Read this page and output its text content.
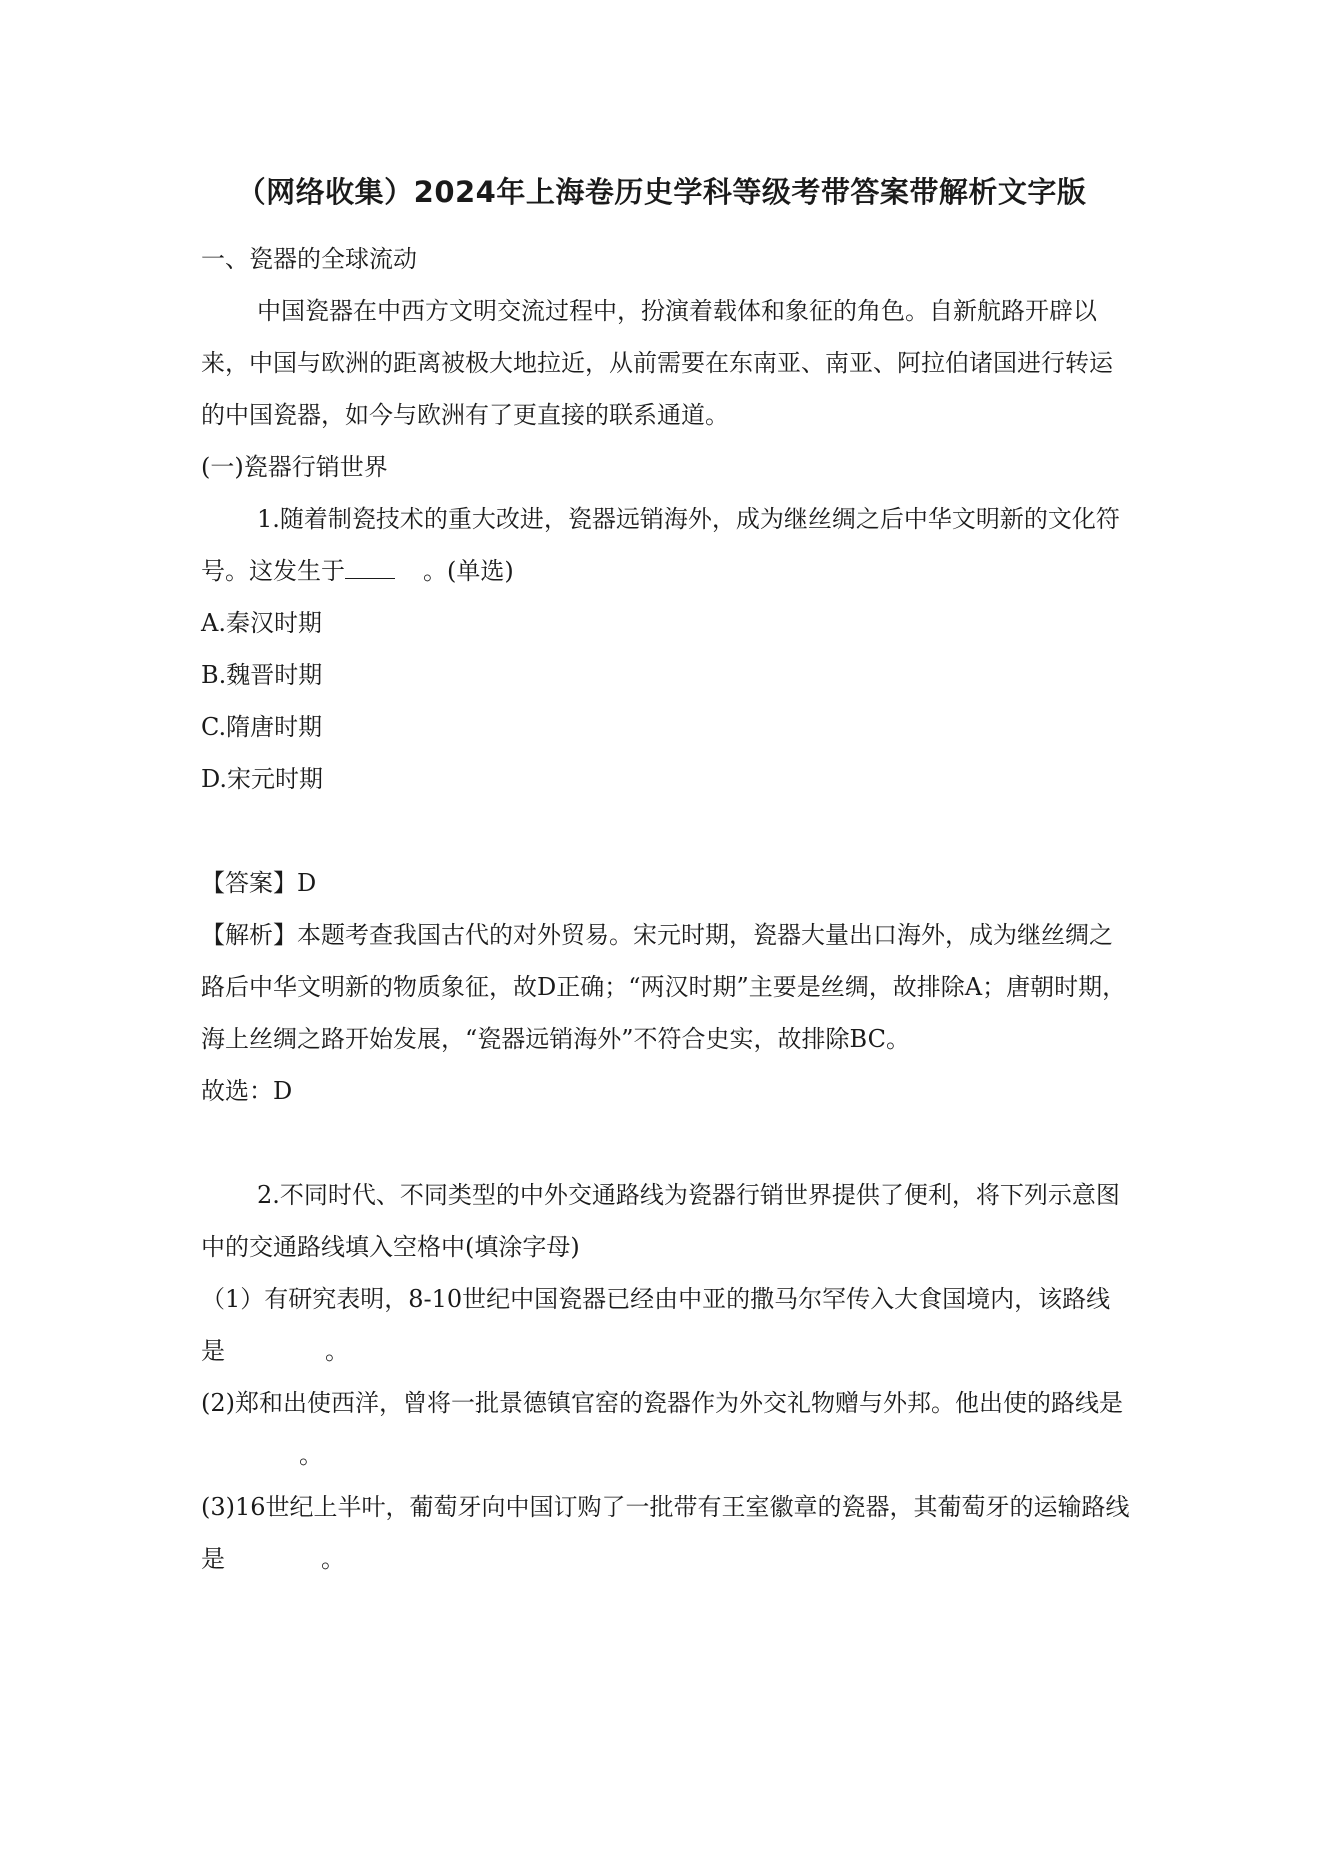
（网络收集）2024年上海卷历史学科等级考带答案带解析文字版

一、瓷器的全球流动

中国瓷器在中西方文明交流过程中，扮演着载体和象征的角色。自新航路开辟以来，中国与欧洲的距离被极大地拉近，从前需要在东南亚、南亚、阿拉伯诸国进行转运的中国瓷器，如今与欧洲有了更直接的联系通道。

(一)瓷器行销世界

1.随着制瓷技术的重大改进，瓷器远销海外，成为继丝绸之后中华文明新的文化符号。这发生于	。(单选)

A.秦汉时期

B.魏晋时期

C.隋唐时期

D.宋元时期

【答案】D

【解析】本题考查我国古代的对外贸易。宋元时期，瓷器大量出口海外，成为继丝绸之路后中华文明新的物质象征，故D正确；“两汉时期”主要是丝绸，故排除A；唐朝时期，海上丝绸之路开始发展，“瓷器远销海外”不符合史实，故排除BC。

故选：D

2.不同时代、不同类型的中外交通路线为瓷器行销世界提供了便利，将下列示意图中的交通路线填入空格中(填涂字母)

（1）有研究表明，8-10世纪中国瓷器已经由中亚的撒马尔罕传入大食国境内，该路线是	。

(2)郑和出使西洋，曾将一批景德镇官窑的瓷器作为外交礼物赠与外邦。他出使的路线是。

(3)16世纪上半叶，葡萄牙向中国订购了一批带有王室徽章的瓷器，其葡萄牙的运输路线是	。
